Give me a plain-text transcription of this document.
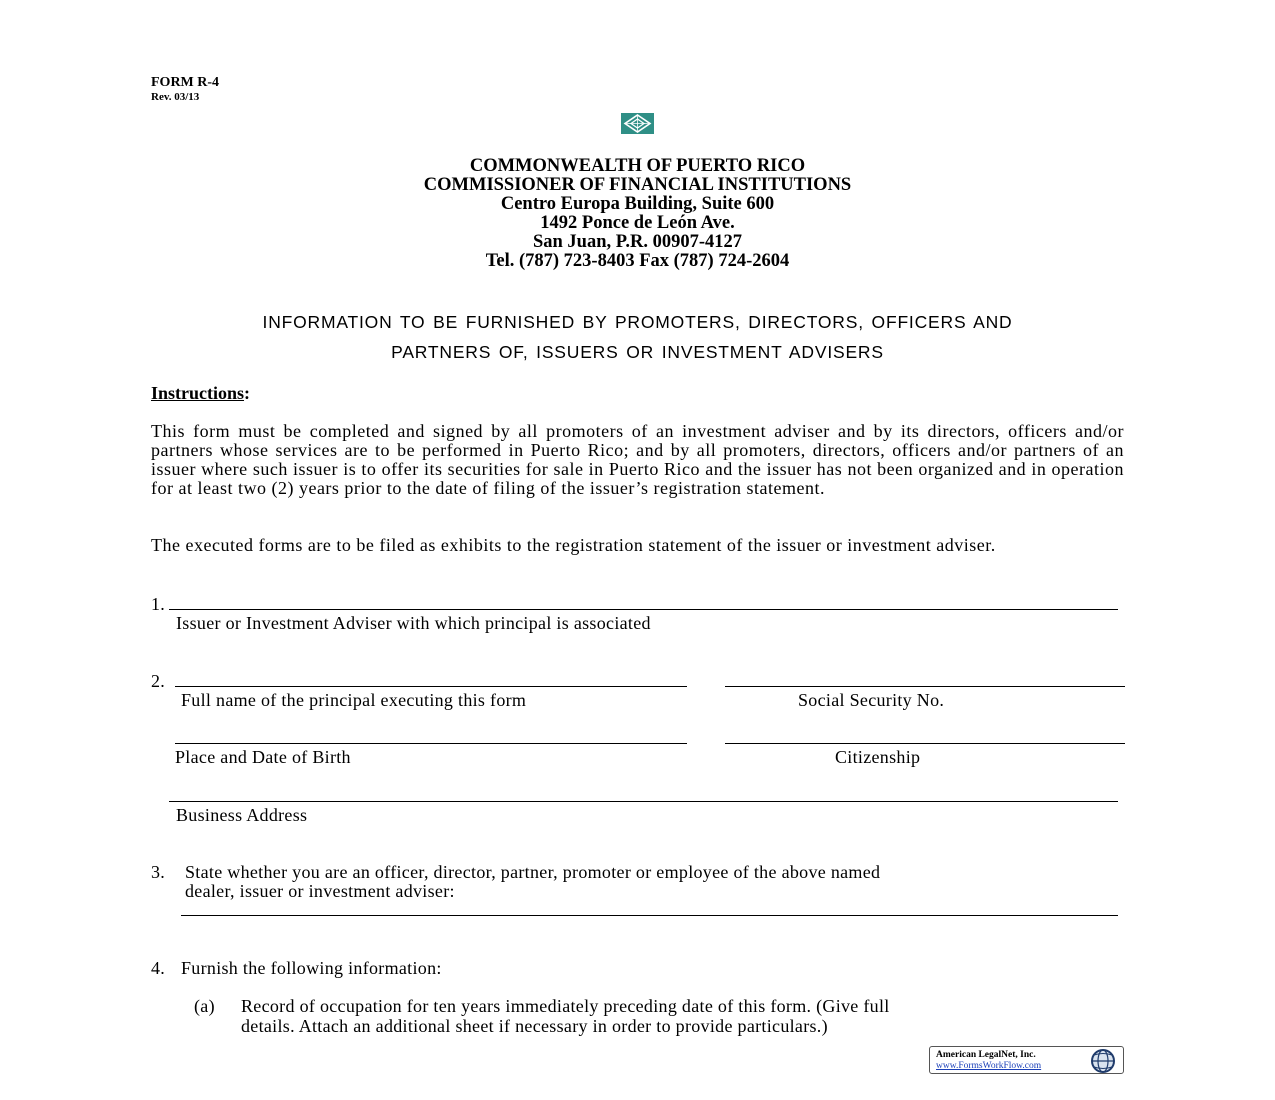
FORM R-4
Rev. 03/13
COMMONWEALTH OF PUERTO RICO
COMMISSIONER OF FINANCIAL INSTITUTIONS
Centro Europa Building, Suite 600
1492 Ponce de León Ave.
San Juan, P.R. 00907-4127
Tel. (787) 723-8403 Fax (787) 724-2604
INFORMATION TO BE FURNISHED BY PROMOTERS, DIRECTORS, OFFICERS AND
PARTNERS OF, ISSUERS OR INVESTMENT ADVISERS
Instructions:
This form must be completed and signed by all promoters of an investment adviser and by its directors, officers and/or partners whose services are to be performed in Puerto Rico; and by all promoters, directors, officers and/or partners of an issuer where such issuer is to offer its securities for sale in Puerto Rico and the issuer has not been organized and in operation for at least two (2) years prior to the date of filing of the issuer’s registration statement.
The executed forms are to be filed as exhibits to the registration statement of the issuer or investment adviser.
1.
Issuer or Investment Adviser with which principal is associated
2.
Full name of the principal executing this form	Social Security No.
Place and Date of Birth	Citizenship
Business Address
3. State whether you are an officer, director, partner, promoter or employee of the above named
dealer, issuer or investment adviser:
4. Furnish the following information:
(a) Record of occupation for ten years immediately preceding date of this form. (Give full
details. Attach an additional sheet if necessary in order to provide particulars.)
American LegalNet, Inc.
www.FormsWorkFlow.com
